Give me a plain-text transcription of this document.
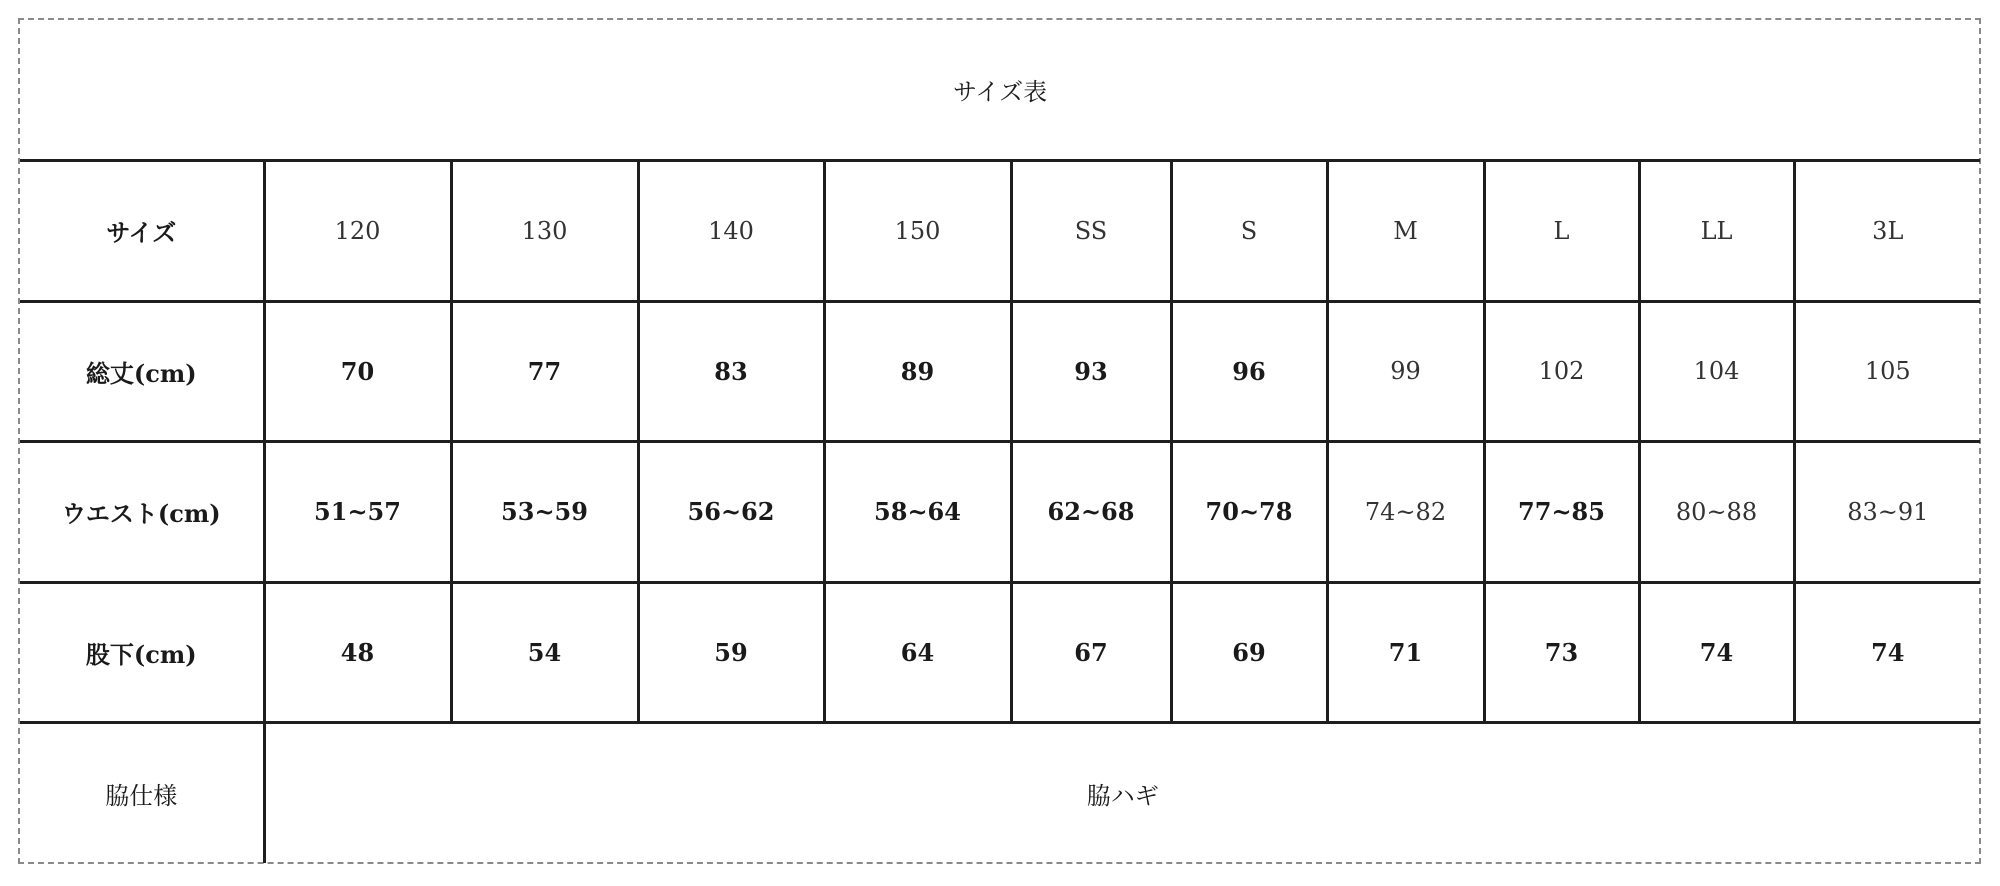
サイズ表										
サイズ	120	130	140	150	SS	S	M	L	LL	3L
総丈(cm)	70	77	83	89	93	96	99	102	104	105
ウエスト(cm)	51~57	53~59	56~62	58~64	62~68	70~78	74~82	77~85	80~88	83~91
股下(cm)	48	54	59	64	67	69	71	73	74	74
脇仕様	脇ハギ									
